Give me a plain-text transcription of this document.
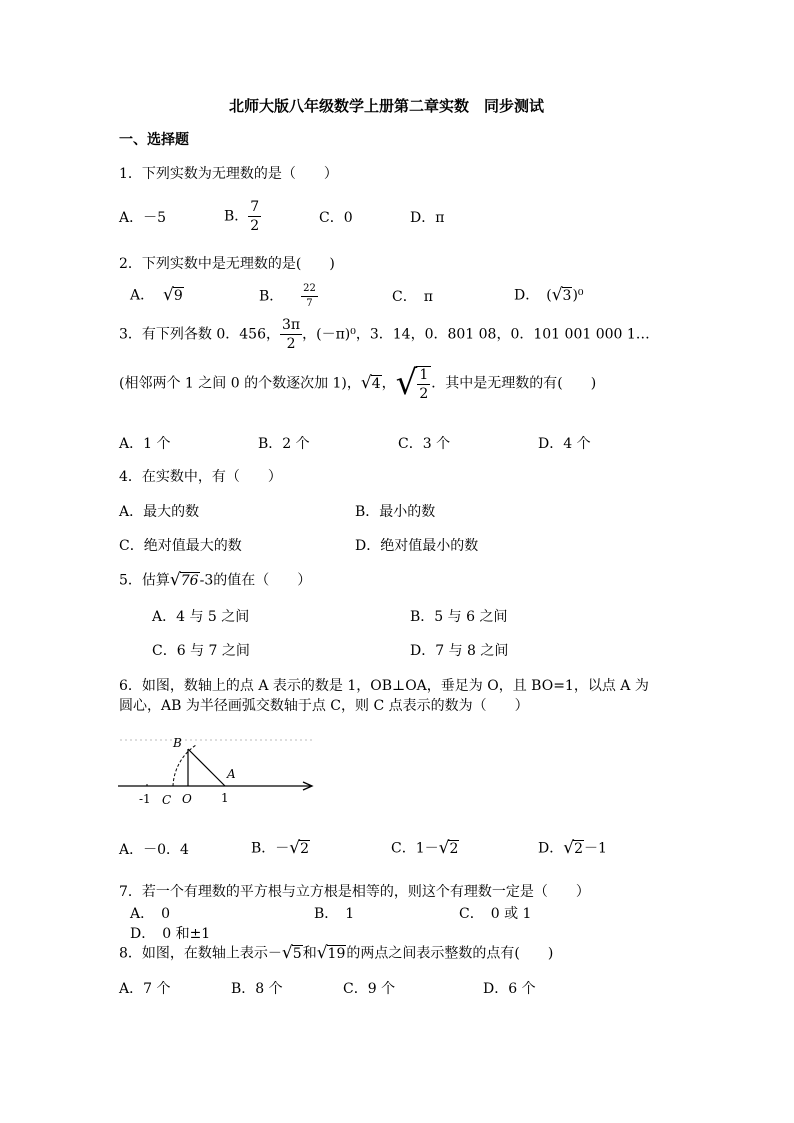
北师大版八年级数学上册第二章实数　同步测试
一、选择题
1．下列实数为无理数的是（　　）
A．－5	B． $\frac{7}{2}$	C．0	D．π
2．下列实数中是无理数的是(　　)
A． √ 9	B． $\frac{22}{7}$	C．　π	D．　( √ 3 )⁰
3．有下列各数 0．456， $\frac{3\pi}{2}$ ，(－π)⁰，3．14，0．801 08，0．101 001 000 1…
(相邻两个 1 之间 0 的个数逐次加 1)， √ 4 ， √ $\frac{1}{2}$ ．其中是无理数的有(　　)
A．1 个	B．2 个	C．3 个	D．4 个
4．在实数中，有（　　）
A．最大的数	B．最小的数
C．绝对值最大的数	D．绝对值最小的数
5．估算 √ 76 -3的值在（　　）
A．4 与 5 之间	B．5 与 6 之间
C．6 与 7 之间	D．7 与 8 之间
6．如图，数轴上的点 A 表示的数是 1，OB⊥OA，垂足为 O，且 BO=1，以点 A 为
圆心，AB 为半径画弧交数轴于点 C，则 C 点表示的数为（　　）
B
A
-1 C O 1
A．－0．4	B．－ √ 2	C．1－ √ 2	D． √ 2 －1
7．若一个有理数的平方根与立方根是相等的，则这个有理数一定是（　　）
A．　0	B．　1	C．　0 或 1
D．　0 和±1
8．如图，在数轴上表示－ √ 5 和 √ 19 的两点之间表示整数的点有(　　)
A．7 个	B．8 个	C．9 个	D．6 个
